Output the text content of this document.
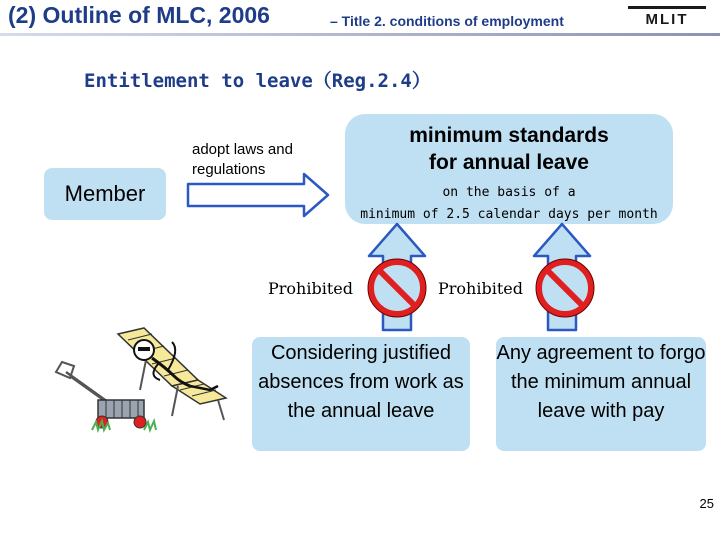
(2) Outline of MLC, 2006	– Title 2. conditions of employment	MLIT
Entitlement to leave（Reg.2.4）
Member
adopt laws and regulations
minimum standards
for annual leave
on the basis of a
minimum of 2.5 calendar days per month
Prohibited	Prohibited
Considering justified absences from work as the annual leave
Any agreement to forgo the minimum annual leave with pay
25
